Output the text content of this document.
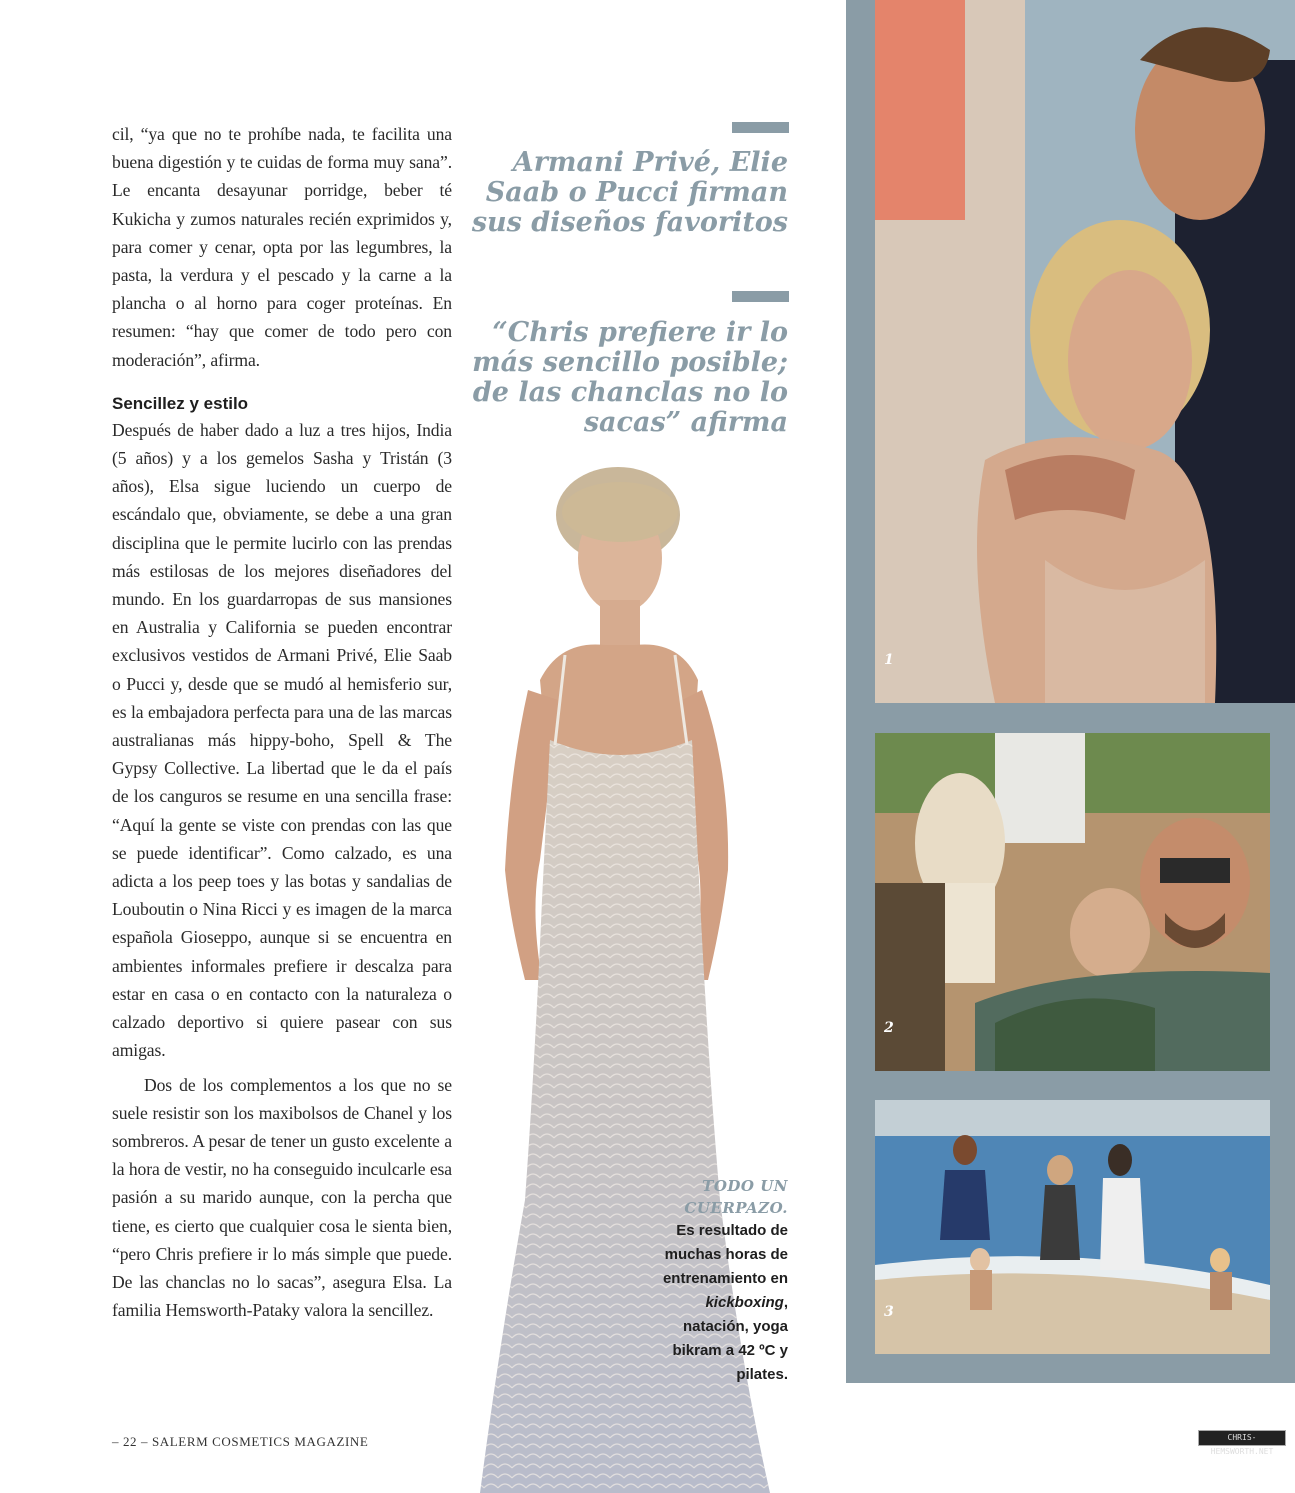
cil, “ya que no te prohíbe nada, te facilita una buena digestión y te cuidas de forma muy sana”. Le encanta desayunar porridge, beber té Kukicha y zumos naturales recién exprimidos y, para comer y cenar, opta por las legumbres, la pasta, la verdura y el pescado y la carne a la plancha o al horno para coger proteínas. En resumen: “hay que comer de todo pero con moderación”, afirma.

Sencillez y estilo

Después de haber dado a luz a tres hijos, India (5 años) y a los gemelos Sasha y Tristán (3 años), Elsa sigue luciendo un cuerpo de escándalo que, obviamente, se debe a una gran disciplina que le permite lucirlo con las prendas más estilosas de los mejores diseñadores del mundo. En los guardarropas de sus mansiones en Australia y California se pueden encontrar exclusivos vestidos de Armani Privé, Elie Saab o Pucci y, desde que se mudó al hemisferio sur, es la embajadora perfecta para una de las marcas australianas más hippy-boho, Spell & The Gypsy Collective. La libertad que le da el país de los canguros se resume en una sencilla frase: “Aquí la gente se viste con prendas con las que se puede identificar”. Como calzado, es una adicta a los peep toes y las botas y sandalias de Louboutin o Nina Ricci y es imagen de la marca española Gioseppo, aunque si se encuentra en ambientes informales prefiere ir descalza para estar en casa o en contacto con la naturaleza o calzado deportivo si quiere pasear con sus amigas.

Dos de los complementos a los que no se suele resistir son los maxibolsos de Chanel y los sombreros. A pesar de tener un gusto excelente a la hora de vestir, no ha conseguido inculcarle esa pasión a su marido aunque, con la percha que tiene, es cierto que cualquier cosa le sienta bien, “pero Chris prefiere ir lo más simple que puede. De las chanclas no lo sacas”, asegura Elsa. La familia Hemsworth-Pataky valora la sencillez.

Armani Privé, Elie Saab o Pucci firman sus diseños favoritos
“Chris prefiere ir lo más sencillo posible; de las chanclas no lo sacas” afirma
TODO UN CUERPAZO.
Es resultado de muchas horas de entrenamiento en kickboxing, natación, yoga bikram a 42 ºC y pilates.
1
2
3
– 22 – SALERM COSMETICS MAGAZINE	CHRIS-HEMSWORTH.NET
